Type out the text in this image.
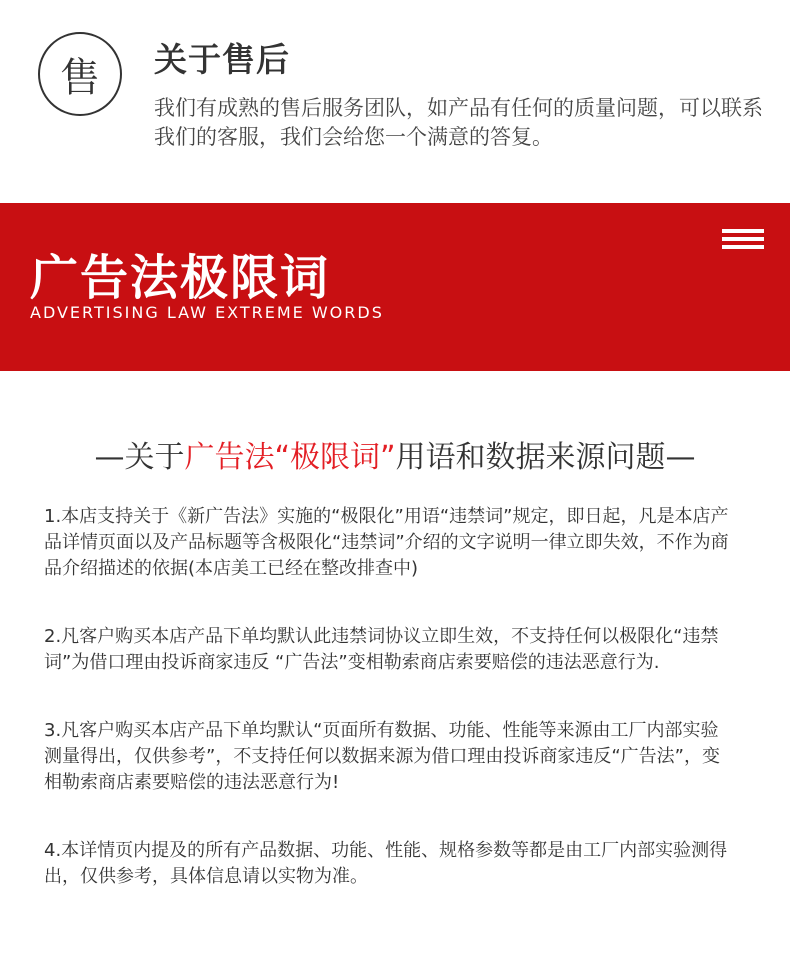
售	关于售后
我们有成熟的售后服务团队，如产品有任何的质量问题，可以联系我们的客服，我们会给您一个满意的答复。
广告法极限词
ADVERTISING LAW EXTREME WORDS
—关于广告法“极限词”用语和数据来源问题—

1.本店支持关于《新广告法》实施的“极限化”用语“违禁词”规定，即日起，凡是本店产品详情页面以及产品标题等含极限化“违禁词”介绍的文字说明一律立即失效，不作为商品介绍描述的依据(本店美工已经在整改排查中)

2.凡客户购买本店产品下单均默认此违禁词协议立即生效，不支持任何以极限化“违禁词”为借口理由投诉商家违反 “广告法”变相勒索商店索要赔偿的违法恶意行为.

3.凡客户购买本店产品下单均默认“页面所有数据、功能、性能等来源由工厂内部实验测量得出，仅供参考”，不支持任何以数据来源为借口理由投诉商家违反“广告法”，变相勒索商店素要赔偿的违法恶意行为!

4.本详情页内提及的所有产品数据、功能、性能、规格参数等都是由工厂内部实验测得出，仅供参考，具体信息请以实物为准。
